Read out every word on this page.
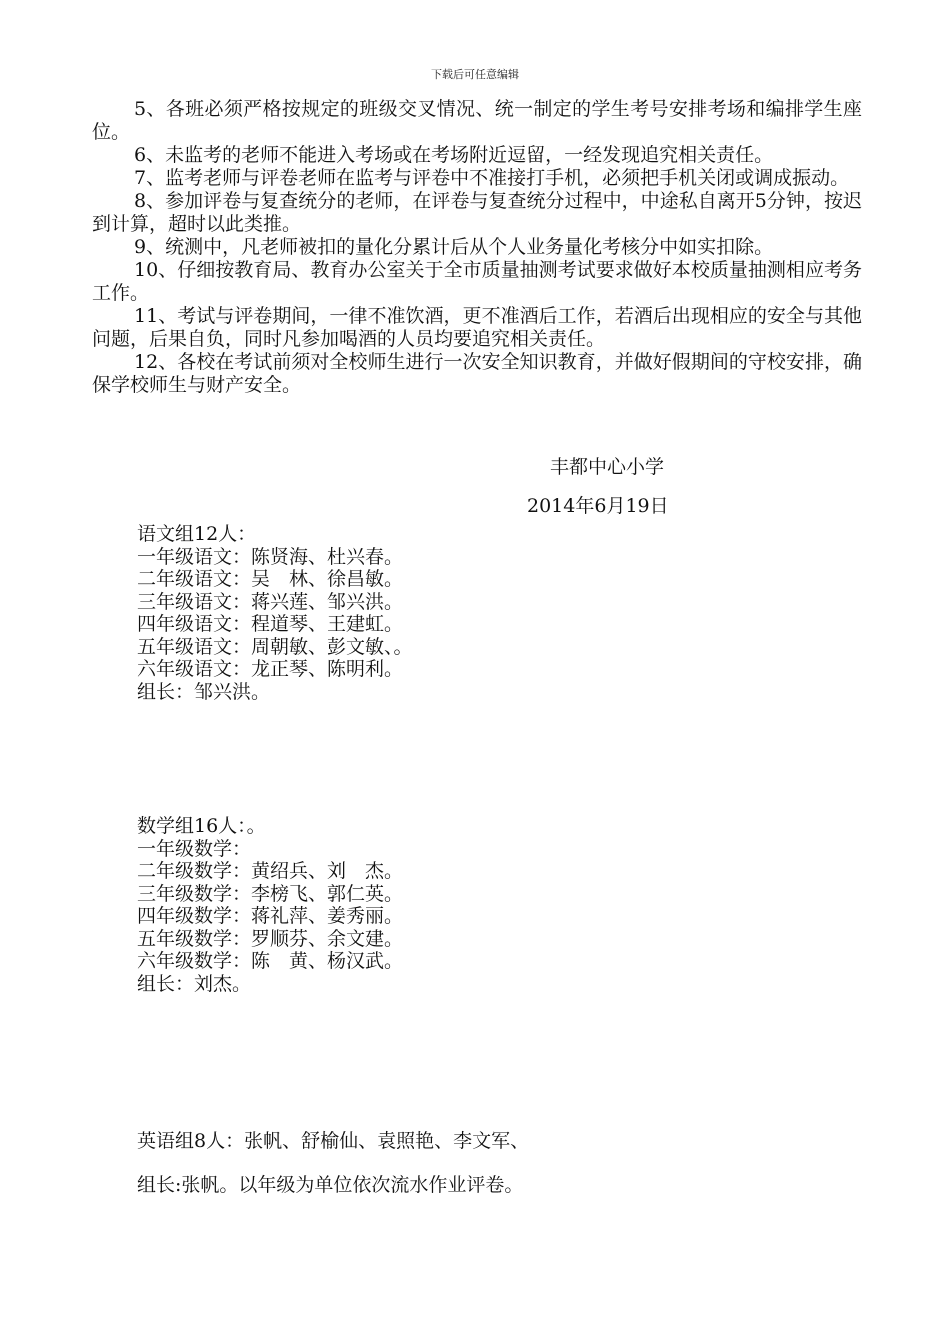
下载后可任意编辑

5、各班必须严格按规定的班级交叉情况、统一制定的学生考号安排考场和编排学生座位。

6、未监考的老师不能进入考场或在考场附近逗留，一经发现追究相关责任。

7、监考老师与评卷老师在监考与评卷中不准接打手机，必须把手机关闭或调成振动。

8、参加评卷与复查统分的老师，在评卷与复查统分过程中，中途私自离开5分钟，按迟到计算，超时以此类推。

9、统测中，凡老师被扣的量化分累计后从个人业务量化考核分中如实扣除。

10、仔细按教育局、教育办公室关于全市质量抽测考试要求做好本校质量抽测相应考务工作。

11、考试与评卷期间，一律不准饮酒，更不准酒后工作，若酒后出现相应的安全与其他问题，后果自负，同时凡参加喝酒的人员均要追究相关责任。

12、各校在考试前须对全校师生进行一次安全知识教育，并做好假期间的守校安排，确保学校师生与财产安全。

丰都中心小学
2014年6月19日

语文组12人：

一年级语文：陈贤海、杜兴春。

二年级语文：吴　林、徐昌敏。

三年级语文：蒋兴莲、邹兴洪。

四年级语文：程道琴、王建虹。

五年级语文：周朝敏、彭文敏、。

六年级语文：龙正琴、陈明利。

组长：邹兴洪。

数学组16人：。

一年级数学：

二年级数学：黄绍兵、刘　杰。

三年级数学：李榜飞、郭仁英。

四年级数学：蒋礼萍、姜秀丽。

五年级数学：罗顺芬、余文建。

六年级数学：陈　黄、杨汉武。

组长：刘杰。

英语组8人：张帆、舒榆仙、袁照艳、李文军、
组长:张帆。以年级为单位依次流水作业评卷。
